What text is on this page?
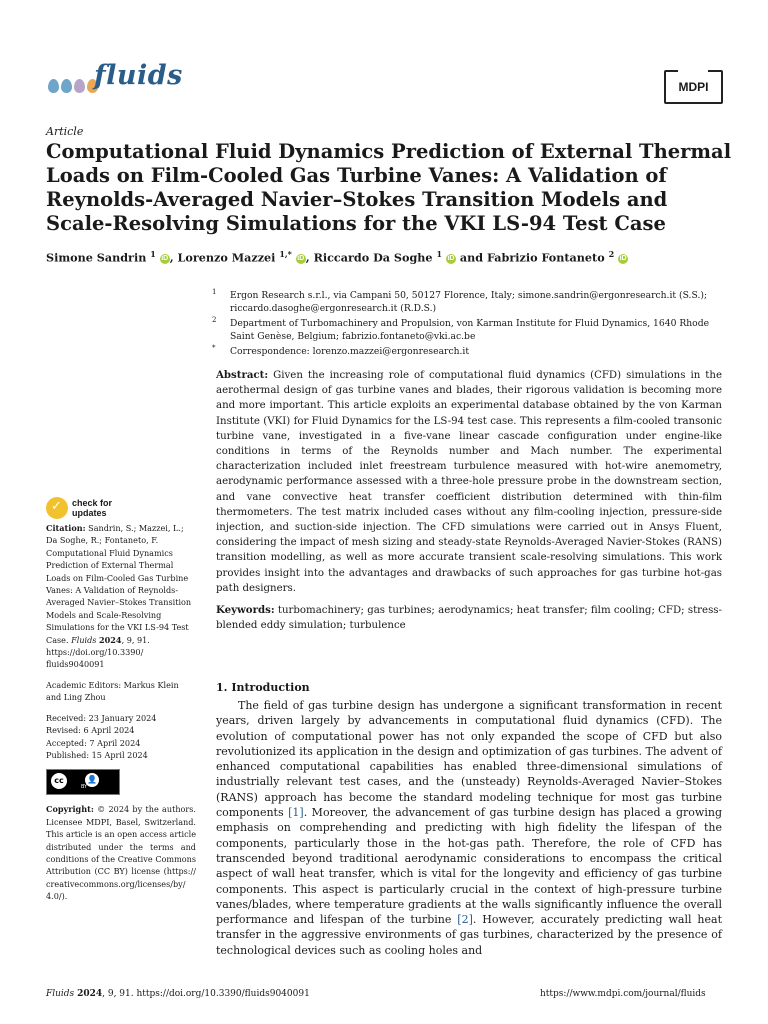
fluids	MDPI
Article
Computational Fluid Dynamics Prediction of External Thermal Loads on Film-Cooled Gas Turbine Vanes: A Validation of Reynolds-Averaged Navier–Stokes Transition Models and Scale-Resolving Simulations for the VKI LS-94 Test Case
Simone Sandrin $^1$ iD , Lorenzo Mazzei $^{1,*}$ iD , Riccardo Da Soghe $^1$ iD and Fabrizio Fontaneto $^2$ iD
1 Ergon Research s.r.l., via Campani 50, 50127 Florence, Italy; simone.sandrin@ergonresearch.it (S.S.); riccardo.dasoghe@ergonresearch.it (R.D.S.)
2 Department of Turbomachinery and Propulsion, von Karman Institute for Fluid Dynamics, 1640 Rhode Saint Genèse, Belgium; fabrizio.fontaneto@vki.ac.be
* Correspondence: lorenzo.mazzei@ergonresearch.it
Abstract: Given the increasing role of computational fluid dynamics (CFD) simulations in the aerothermal design of gas turbine vanes and blades, their rigorous validation is becoming more and more important. This article exploits an experimental database obtained by the von Karman Institute (VKI) for Fluid Dynamics for the LS-94 test case. This represents a film-cooled transonic turbine vane, investigated in a five-vane linear cascade configuration under engine-like conditions in terms of the Reynolds number and Mach number. The experimental characterization included inlet freestream turbulence measured with hot-wire anemometry, aerodynamic performance assessed with a three-hole pressure probe in the downstream section, and vane convective heat transfer coefficient distribution determined with thin-film thermometers. The test matrix included cases without any film-cooling injection, pressure-side injection, and suction-side injection. The CFD simulations were carried out in Ansys Fluent, considering the impact of mesh sizing and steady-state Reynolds-Averaged Navier-Stokes (RANS) transition modelling, as well as more accurate transient scale-resolving simulations. This work provides insight into the advantages and drawbacks of such approaches for gas turbine hot-gas path designers.
Keywords: turbomachinery; gas turbines; aerodynamics; heat transfer; film cooling; CFD; stress-blended eddy simulation; turbulence
1. Introduction
The field of gas turbine design has undergone a significant transformation in recent years, driven largely by advancements in computational fluid dynamics (CFD). The evolution of computational power has not only expanded the scope of CFD but also revolutionized its application in the design and optimization of gas turbines. The advent of enhanced computational capabilities has enabled three-dimensional simulations of industrially relevant test cases, and the (unsteady) Reynolds-Averaged Navier–Stokes (RANS) approach has become the standard modeling technique for most gas turbine components [1]. Moreover, the advancement of gas turbine design has placed a growing emphasis on comprehending and predicting with high fidelity the lifespan of the components, particularly those in the hot-gas path. Therefore, the role of CFD has transcended beyond traditional aerodynamic considerations to encompass the critical aspect of wall heat transfer, which is vital for the longevity and efficiency of gas turbine components. This aspect is particularly crucial in the context of high-pressure turbine vanes/blades, where temperature gradients at the walls significantly influence the overall performance and lifespan of the turbine [2]. However, accurately predicting wall heat transfer in the aggressive environments of gas turbines, characterized by the presence of technological devices such as cooling holes and
✓ check for
updates
Citation: Sandrin, S.; Mazzei, L.; Da Soghe, R.; Fontaneto, F. Computational Fluid Dynamics Prediction of External Thermal Loads on Film-Cooled Gas Turbine Vanes: A Validation of Reynolds-Averaged Navier–Stokes Transition Models and Scale-Resolving Simulations for the VKI LS-94 Test Case. Fluids 2024, 9, 91. https://doi.org/10.3390/ fluids9040091
Academic Editors: Markus Klein and Ling Zhou
Received: 23 January 2024
Revised: 6 April 2024
Accepted: 7 April 2024
Published: 15 April 2024
cc	👤
BY
Copyright: © 2024 by the authors. Licensee MDPI, Basel, Switzerland. This article is an open access article distributed under the terms and conditions of the Creative Commons Attribution (CC BY) license (https:// creativecommons.org/licenses/by/ 4.0/).
Fluids 2024, 9, 91. https://doi.org/10.3390/fluids9040091	https://www.mdpi.com/journal/fluids
